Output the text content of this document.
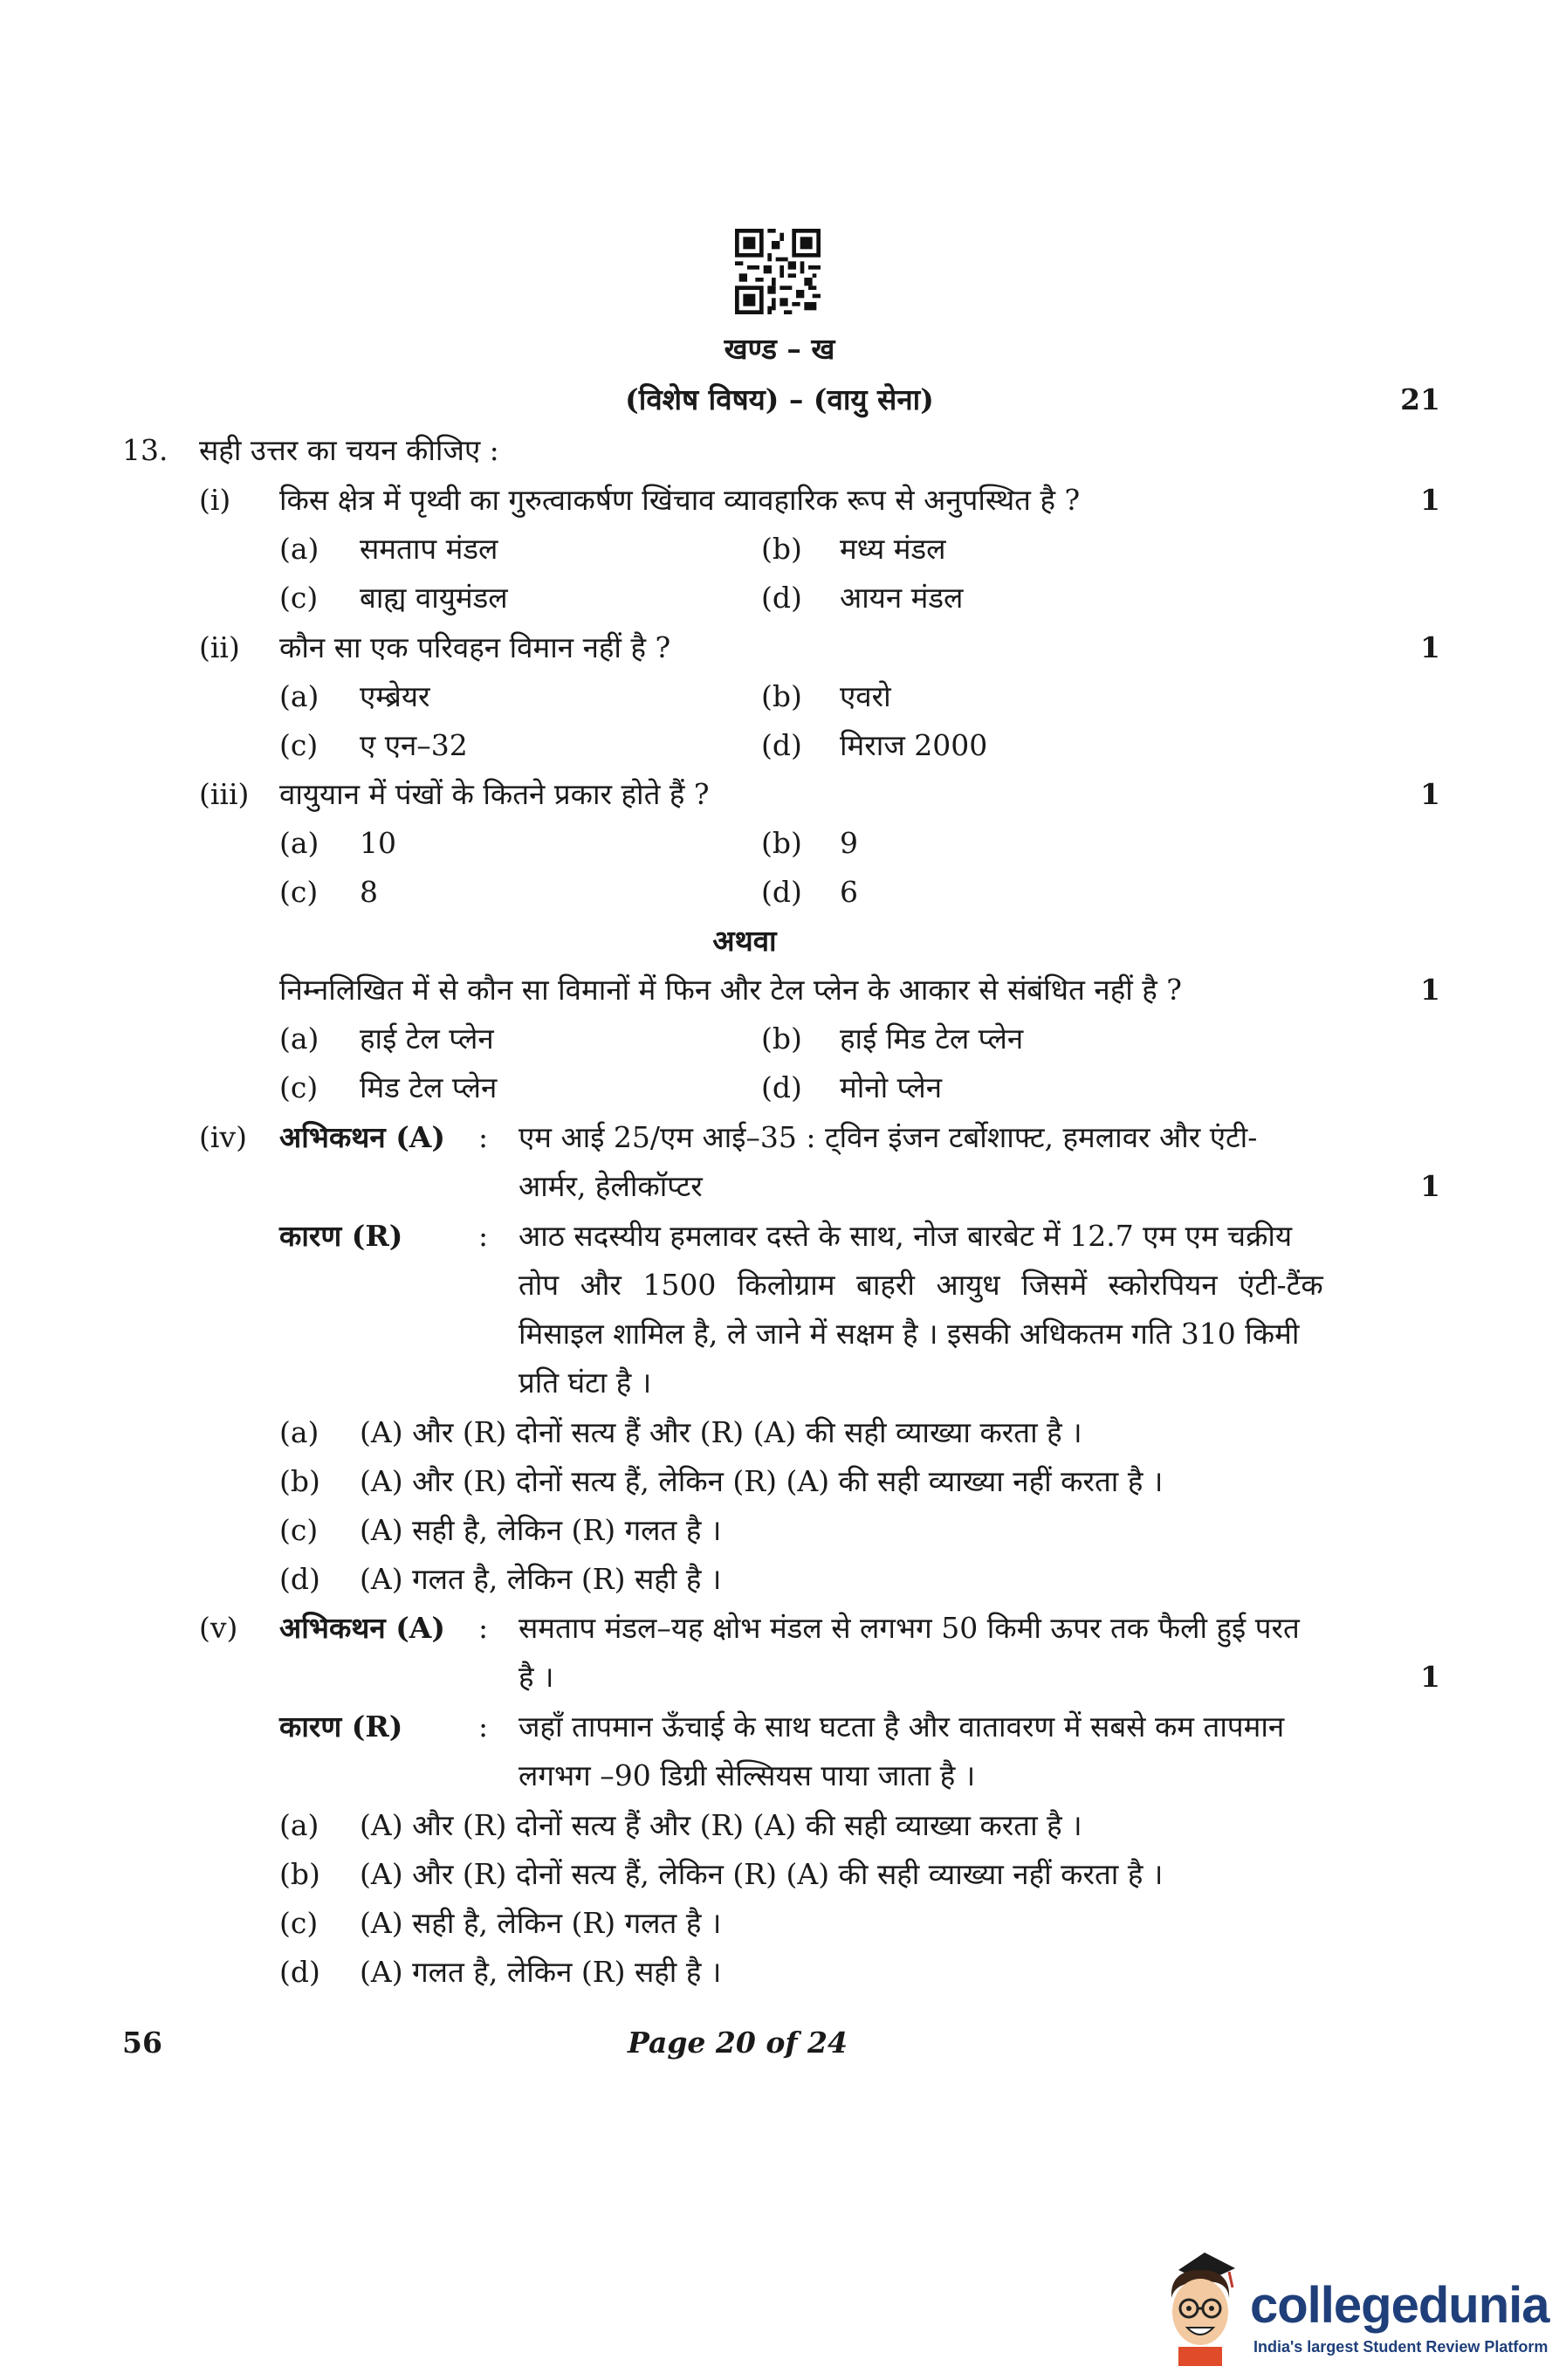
खण्ड – ख
(विशेष विषय) – (वायु सेना)	21
13. सही उत्तर का चयन कीजिए :
(i) किस क्षेत्र में पृथ्वी का गुरुत्वाकर्षण खिंचाव व्यावहारिक रूप से अनुपस्थित है ?	1
(a) समताप मंडल	(b) मध्य मंडल
(c) बाह्य वायुमंडल	(d) आयन मंडल
(ii) कौन सा एक परिवहन विमान नहीं है ?	1
(a) एम्ब्रेयर	(b) एवरो
(c) ए एन–32	(d) मिराज 2000
(iii) वायुयान में पंखों के कितने प्रकार होते हैं ?	1
(a) 10	(b) 9
(c) 8	(d) 6
अथवा
निम्नलिखित में से कौन सा विमानों में फिन और टेल प्लेन के आकार से संबंधित नहीं है ?	1
(a) हाई टेल प्लेन	(b) हाई मिड टेल प्लेन
(c) मिड टेल प्लेन	(d) मोनो प्लेन
(iv) अभिकथन (A) : एम आई 25/एम आई–35 : ट्विन इंजन टर्बोशाफ्ट, हमलावर और एंटी-
आर्मर, हेलीकॉप्टर	1
कारण (R)	: आठ सदस्यीय हमलावर दस्ते के साथ, नोज बारबेट में 12.7 एम एम चक्रीय
तोप और 1500 किलोग्राम बाहरी आयुध जिसमें स्कोरपियन एंटी-टैंक
मिसाइल शामिल है, ले जाने में सक्षम है । इसकी अधिकतम गति 310 किमी
प्रति घंटा है ।
(a) (A) और (R) दोनों सत्य हैं और (R) (A) की सही व्याख्या करता है ।
(b) (A) और (R) दोनों सत्य हैं, लेकिन (R) (A) की सही व्याख्या नहीं करता है ।
(c) (A) सही है, लेकिन (R) गलत है ।
(d) (A) गलत है, लेकिन (R) सही है ।
(v) अभिकथन (A) : समताप मंडल–यह क्षोभ मंडल से लगभग 50 किमी ऊपर तक फैली हुई परत
है ।	1
कारण (R)	: जहाँ तापमान ऊँचाई के साथ घटता है और वातावरण में सबसे कम तापमान
लगभग –90 डिग्री सेल्सियस पाया जाता है ।
(a) (A) और (R) दोनों सत्य हैं और (R) (A) की सही व्याख्या करता है ।
(b) (A) और (R) दोनों सत्य हैं, लेकिन (R) (A) की सही व्याख्या नहीं करता है ।
(c) (A) सही है, लेकिन (R) गलत है ।
(d) (A) गलत है, लेकिन (R) सही है ।
56	Page 20 of 24
collegedunia
India's largest Student Review Platform
